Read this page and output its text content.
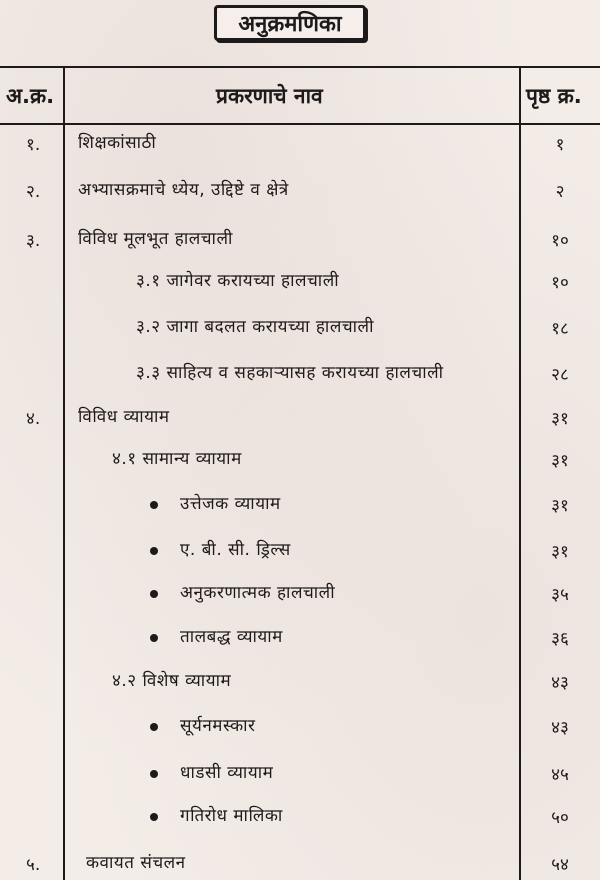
अनुक्रमणिका
अ.क्र.	प्रकरणाचे नाव	पृष्ठ क्र.
१. शिक्षकांसाठी	१
२. अभ्यासक्रमाचे ध्येय, उद्दिष्टे व क्षेत्रे	२
३. विविध मूलभूत हालचाली	१०
३.१ जागेवर करायच्या हालचाली	१०
३.२ जागा बदलत करायच्या हालचाली	१८
३.३ साहित्य व सहकाऱ्यासह करायच्या हालचाली	२८
४. विविध व्यायाम	३१
४.१ सामान्य व्यायाम	३१
उत्तेजक व्यायाम	३१
ए. बी. सी. ड्रिल्स	३१
अनुकरणात्मक हालचाली	३५
तालबद्ध व्यायाम	३६
४.२ विशेष व्यायाम	४३
सूर्यनमस्कार	४३
धाडसी व्यायाम	४५
गतिरोध मालिका	५०
५.	कवायत संचलन	५४
